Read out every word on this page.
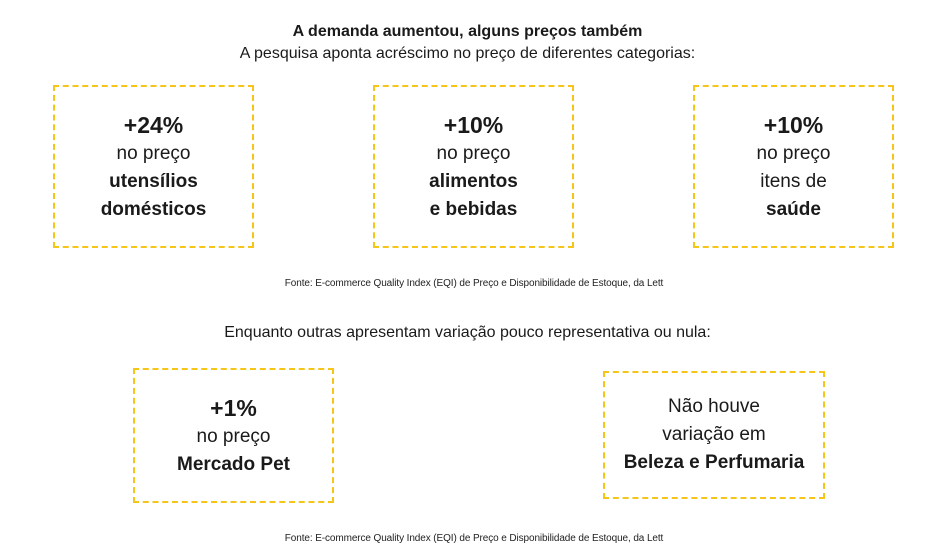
A demanda aumentou, alguns preços também
A pesquisa aponta acréscimo no preço de diferentes categorias:
+24%
no preço
utensílios
domésticos
+10%
no preço
alimentos
e bebidas
+10%
no preço
itens de
saúde
Fonte: E-commerce Quality Index (EQI) de Preço e Disponibilidade de Estoque, da Lett
Enquanto outras apresentam variação pouco representativa ou nula:
+1%
no preço
Mercado Pet
Não houve
variação em
Beleza e Perfumaria
Fonte: E-commerce Quality Index (EQI) de Preço e Disponibilidade de Estoque, da Lett
